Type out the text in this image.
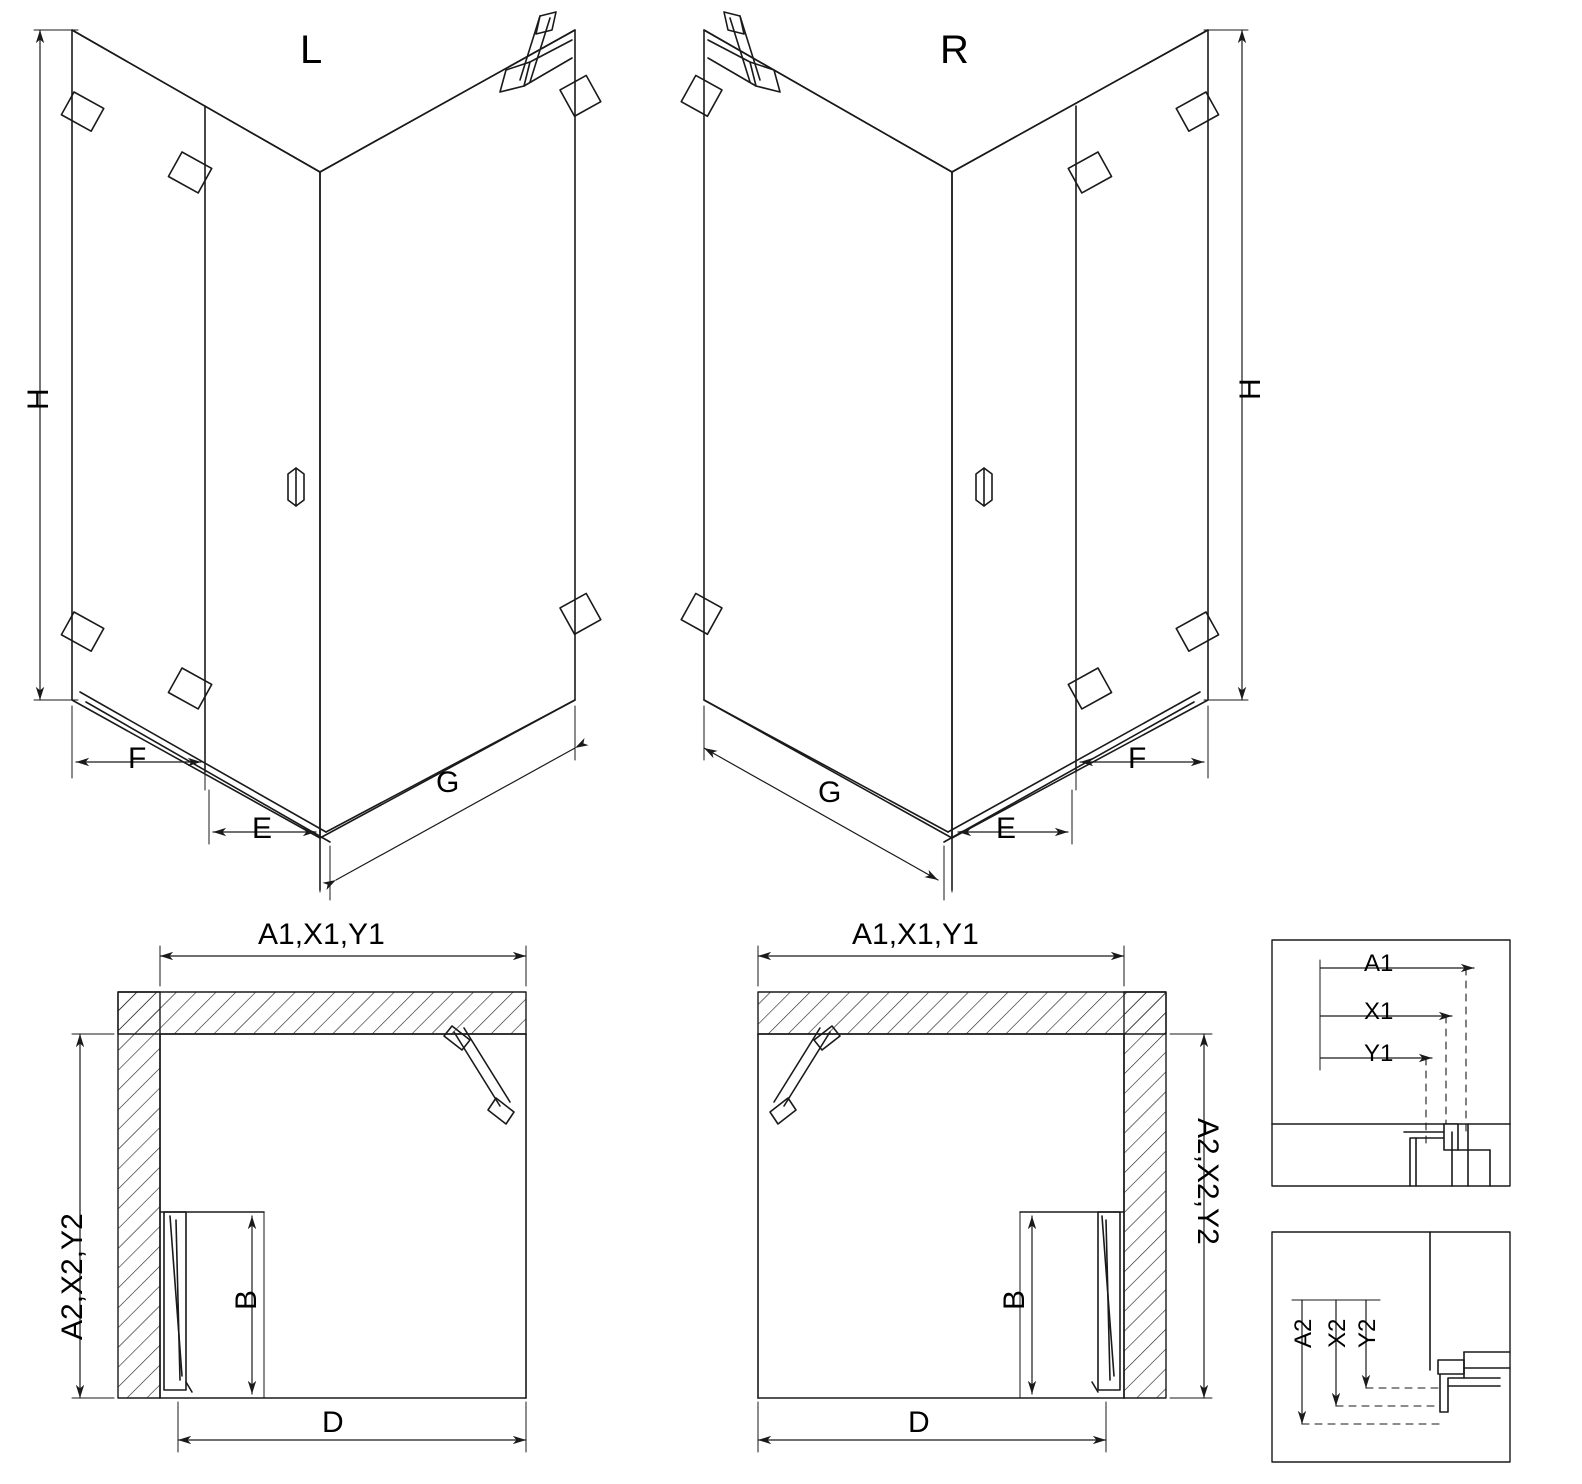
L	R
H	H
F
E
G
F
E
G
A1,X1,Y1	A1,X1,Y1
A2,X2,Y2
A2,X2,Y2
B	B
D	D
A1
X1
Y1
A2 X2 Y2
